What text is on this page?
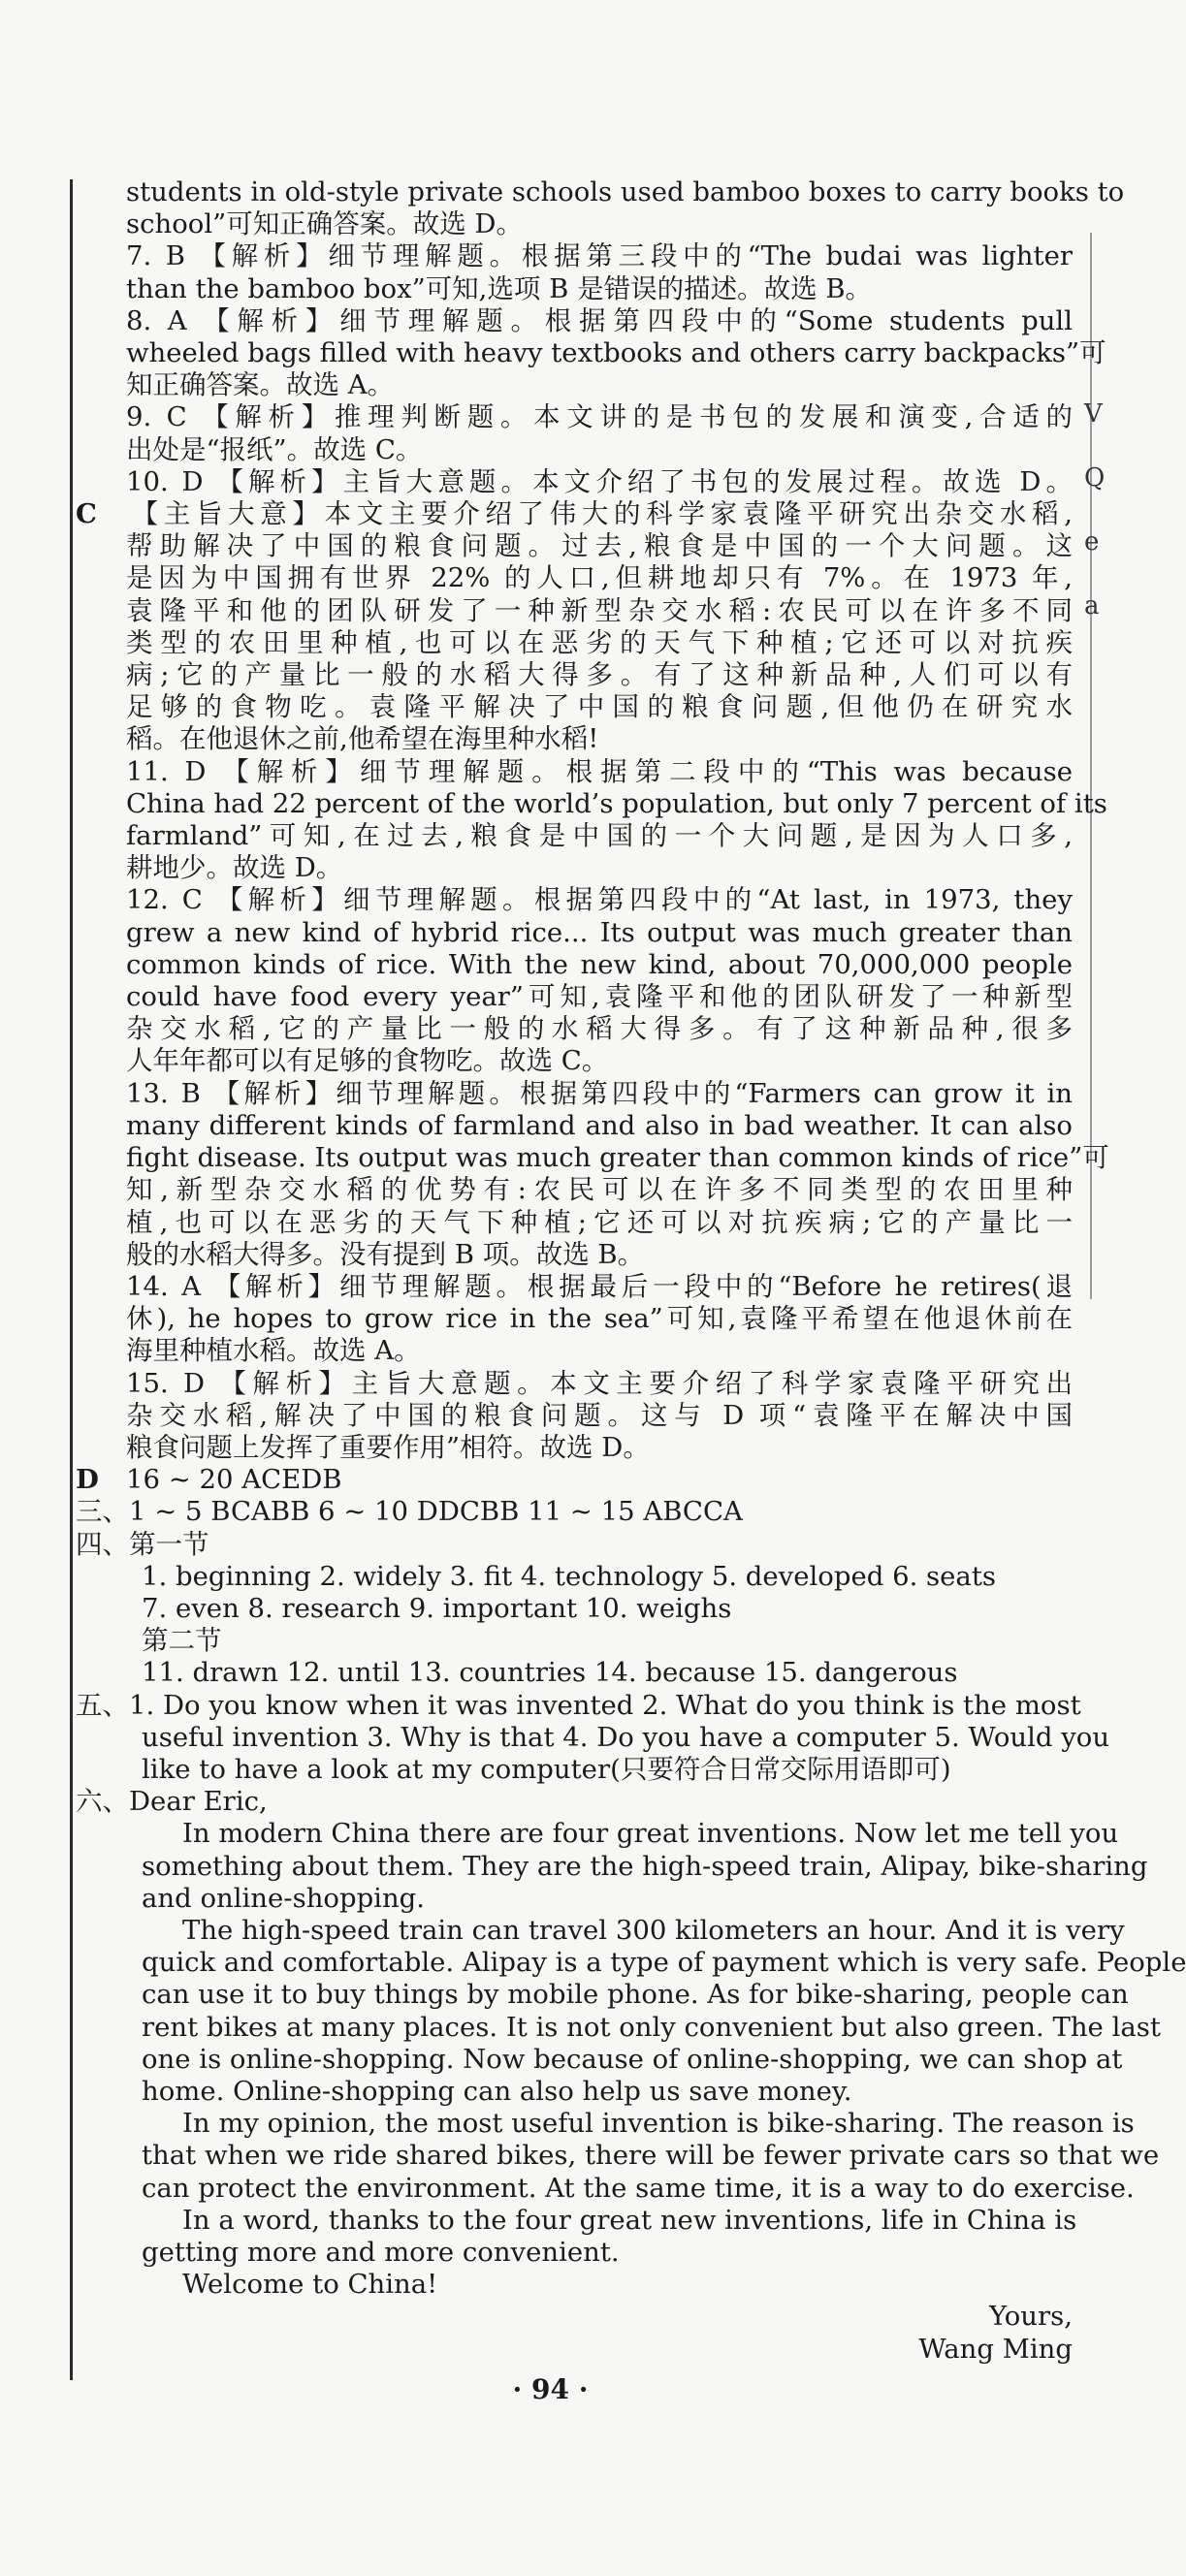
V
Q
e
a
students in old-style private schools used bamboo boxes to carry books to
school”可知正确答案。故选 D。
7. B 【解析】细节理解题。根据第三段中的“The budai was lighter
than the bamboo box”可知,选项 B 是错误的描述。故选 B。
8. A 【解析】细节理解题。根据第四段中的“Some students pull
wheeled bags filled with heavy textbooks and others carry backpacks”可
知正确答案。故选 A。
9. C 【解析】推理判断题。本文讲的是书包的发展和演变,合适的
出处是“报纸”。故选 C。
10. D 【解析】主旨大意题。本文介绍了书包的发展过程。故选 D。
C 【主旨大意】本文主要介绍了伟大的科学家袁隆平研究出杂交水稻,
帮助解决了中国的粮食问题。过去,粮食是中国的一个大问题。这
是因为中国拥有世界 22% 的人口,但耕地却只有 7%。在 1973 年,
袁隆平和他的团队研发了一种新型杂交水稻:农民可以在许多不同
类型的农田里种植,也可以在恶劣的天气下种植;它还可以对抗疾
病;它的产量比一般的水稻大得多。有了这种新品种,人们可以有
足够的食物吃。袁隆平解决了中国的粮食问题,但他仍在研究水
稻。在他退休之前,他希望在海里种水稻!
11. D 【解析】细节理解题。根据第二段中的“This was because
China had 22 percent of the world’s population, but only 7 percent of its
farmland”可知,在过去,粮食是中国的一个大问题,是因为人口多,
耕地少。故选 D。
12. C 【解析】细节理解题。根据第四段中的“At last, in 1973, they
grew a new kind of hybrid rice... Its output was much greater than
common kinds of rice. With the new kind, about 70,000,000 people
could have food every year”可知,袁隆平和他的团队研发了一种新型
杂交水稻,它的产量比一般的水稻大得多。有了这种新品种,很多
人年年都可以有足够的食物吃。故选 C。
13. B 【解析】细节理解题。根据第四段中的“Farmers can grow it in
many different kinds of farmland and also in bad weather. It can also
fight disease. Its output was much greater than common kinds of rice”可
知,新型杂交水稻的优势有:农民可以在许多不同类型的农田里种
植,也可以在恶劣的天气下种植;它还可以对抗疾病;它的产量比一
般的水稻大得多。没有提到 B 项。故选 B。
14. A 【解析】细节理解题。根据最后一段中的“Before he retires(退
休), he hopes to grow rice in the sea”可知,袁隆平希望在他退休前在
海里种植水稻。故选 A。
15. D 【解析】主旨大意题。本文主要介绍了科学家袁隆平研究出
杂交水稻,解决了中国的粮食问题。这与 D 项“袁隆平在解决中国
粮食问题上发挥了重要作用”相符。故选 D。
D 16 ~ 20 ACEDB
三、1 ~ 5 BCABB 6 ~ 10 DDCBB 11 ~ 15 ABCCA
四、第一节
1. beginning 2. widely 3. fit 4. technology 5. developed 6. seats
7. even 8. research 9. important 10. weighs
第二节
11. drawn 12. until 13. countries 14. because 15. dangerous
五、1. Do you know when it was invented 2. What do you think is the most
useful invention 3. Why is that 4. Do you have a computer 5. Would you
like to have a look at my computer(只要符合日常交际用语即可)
六、Dear Eric,
In modern China there are four great inventions. Now let me tell you
something about them. They are the high-speed train, Alipay, bike-sharing
and online-shopping.
The high-speed train can travel 300 kilometers an hour. And it is very
quick and comfortable. Alipay is a type of payment which is very safe. People
can use it to buy things by mobile phone. As for bike-sharing, people can
rent bikes at many places. It is not only convenient but also green. The last
one is online-shopping. Now because of online-shopping, we can shop at
home. Online-shopping can also help us save money.
In my opinion, the most useful invention is bike-sharing. The reason is
that when we ride shared bikes, there will be fewer private cars so that we
can protect the environment. At the same time, it is a way to do exercise.
In a word, thanks to the four great new inventions, life in China is
getting more and more convenient.
Welcome to China!
Yours,
Wang Ming
· 94 ·
